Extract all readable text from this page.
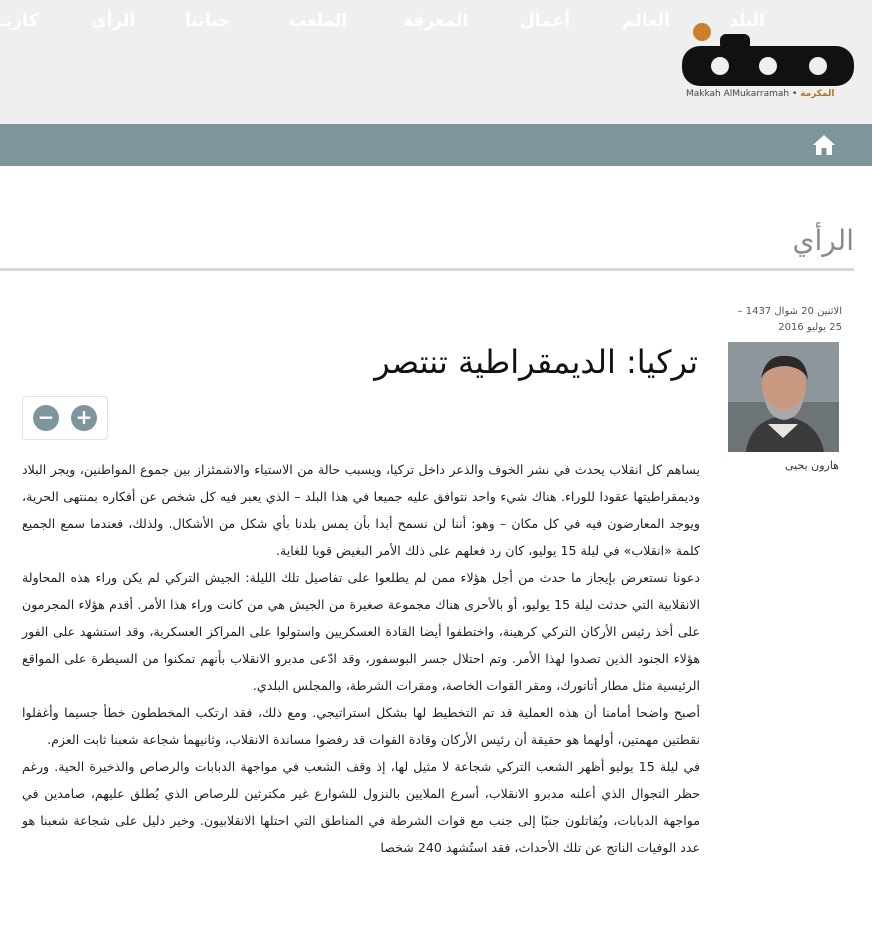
Makkah AlMukarramah • المكرمة
البلد
العالم
أعمال
المعرفة
الملعب
حياتنا
الرأي
كاريـ
الرأي
الاثنين 20 شوال 1437 –
25 يوليو 2016
هارون يحيى
تركيا: الديمقراطية تنتصر
− +

يساهم كل انقلاب يحدث في نشر الخوف والذعر داخل تركيا، ويسبب حالة من الاستياء والاشمئزاز بين جموع المواطنين، ويجر البلاد وديمقراطيتها عقودا للوراء. هناك شيء واحد نتوافق عليه جميعا في هذا البلد – الذي يعبر فيه كل شخص عن أفكاره بمنتهى الحرية، ويوجد المعارضون فيه في كل مكان – وهو: أننا لن نسمح أبدا بأن يمس بلدنا بأي شكل من الأشكال. ولذلك، فعندما سمع الجميع كلمة «انقلاب» في ليلة 15 يوليو، كان رد فعلهم على ذلك الأمر البغيض قويا للغاية.

دعونا نستعرض بإيجاز ما حدث من أجل هؤلاء ممن لم يطلعوا على تفاصيل تلك الليلة: الجيش التركي لم يكن وراء هذه المحاولة الانقلابية التي حدثت ليلة 15 يوليو، أو بالأحرى هناك مجموعة صغيرة من الجيش هي من كانت وراء هذا الأمر. أقدم هؤلاء المجرمون على أخذ رئيس الأركان التركي كرهينة، واختطفوا أيضا القادة العسكريين واستولوا على المراكز العسكرية، وقد استشهد على الفور هؤلاء الجنود الذين تصدوا لهذا الأمر. وتم احتلال جسر البوسفور، وقد ادّعى مدبرو الانقلاب بأنهم تمكنوا من السيطرة على المواقع الرئيسية مثل مطار أتاتورك، ومقر القوات الخاصة، ومقرات الشرطة، والمجلس البلدي.

أصبح واضحا أمامنا أن هذه العملية قد تم التخطيط لها بشكل استراتيجي. ومع ذلك، فقد ارتكب المخططون خطأ جسيما وأغفلوا نقطتين مهمتين، أولهما هو حقيقة أن رئيس الأركان وقادة القوات قد رفضوا مساندة الانقلاب، وثانيهما شجاعة شعبنا ثابت العزم.

في ليلة 15 يوليو أظهر الشعب التركي شجاعة لا مثيل لها، إذ وقف الشعب في مواجهة الدبابات والرصاص والذخيرة الحية. ورغم حظر التجوال الذي أعلنه مدبرو الانقلاب، أسرع الملايين بالنزول للشوارع غير مكترثين للرصاص الذي يُطلق عليهم، صامدين في مواجهة الدبابات، ويُقاتلون جنبًا إلى جنب مع قوات الشرطة في المناطق التي احتلها الانقلابيون. وخير دليل على شجاعة شعبنا هو عدد الوفيات الناتج عن تلك الأحداث، فقد استُشهد 240 شخصا
